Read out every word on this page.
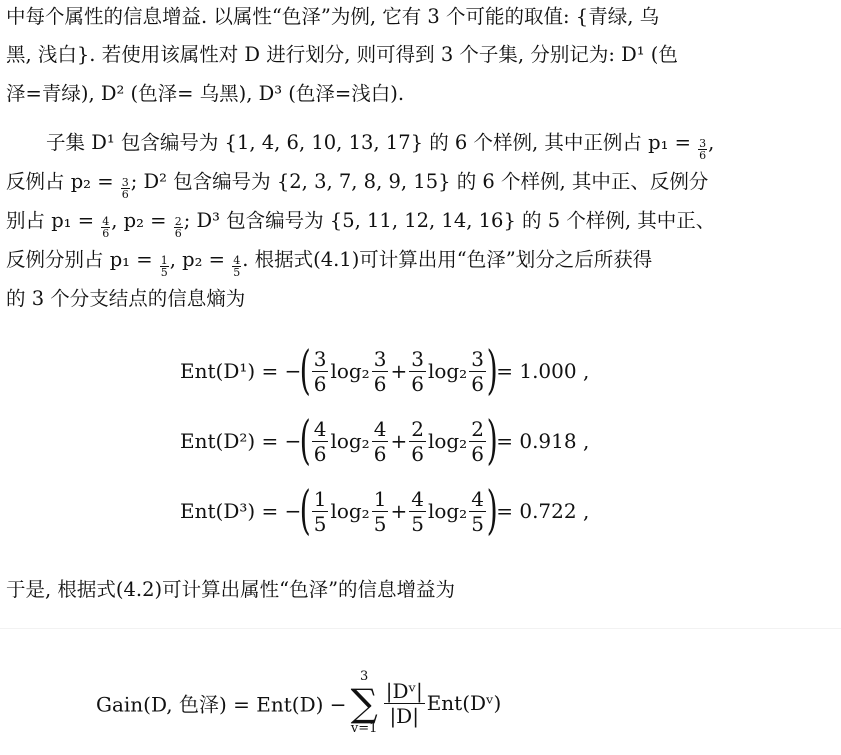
中每个属性的信息增益. 以属性“色泽”为例, 它有 3 个可能的取值: {青绿, 乌
黑, 浅白}. 若使用该属性对 D 进行划分, 则可得到 3 个子集, 分别记为: D¹ (色
泽=青绿), D² (色泽= 乌黑), D³ (色泽=浅白).
子集 D¹ 包含编号为 {1, 4, 6, 10, 13, 17} 的 6 个样例, 其中正例占 $p_1 = \frac{3}{6}$ ,
反例占 $p_2 = \frac{3}{6}$ ; D² 包含编号为 {2, 3, 7, 8, 9, 15} 的 6 个样例, 其中正、反例分
别占 $p_1 = \frac{4}{6}$ , $p_2 = \frac{2}{6}$ ; D³ 包含编号为 {5, 11, 12, 14, 16} 的 5 个样例, 其中正、
反例分别占 $p_1 = \frac{1}{5}$ , $p_2 = \frac{4}{5}$ . 根据式(4.1)可计算出用“色泽”划分之后所获得
的 3 个分支结点的信息熵为
Ent(D¹) = −( $\frac{3}{6} \log_2 \frac{3}{6} + \frac{3}{6} \log_2 \frac{3}{6}$ )= 1.000 ,
Ent(D²) = −( $\frac{4}{6} \log_2 \frac{4}{6} + \frac{2}{6} \log_2 \frac{2}{6}$ )= 0.918 ,
Ent(D³) = −( $\frac{1}{5} \log_2 \frac{1}{5} + \frac{4}{5} \log_2 \frac{4}{5}$ )= 0.722 ,
于是, 根据式(4.2)可计算出属性“色泽”的信息增益为
Gain(D, 色泽) = Ent(D) −
3
∑
v=1
$\frac{\text{|Dᵛ|}}{|D|}$ Ent(Dᵛ)
